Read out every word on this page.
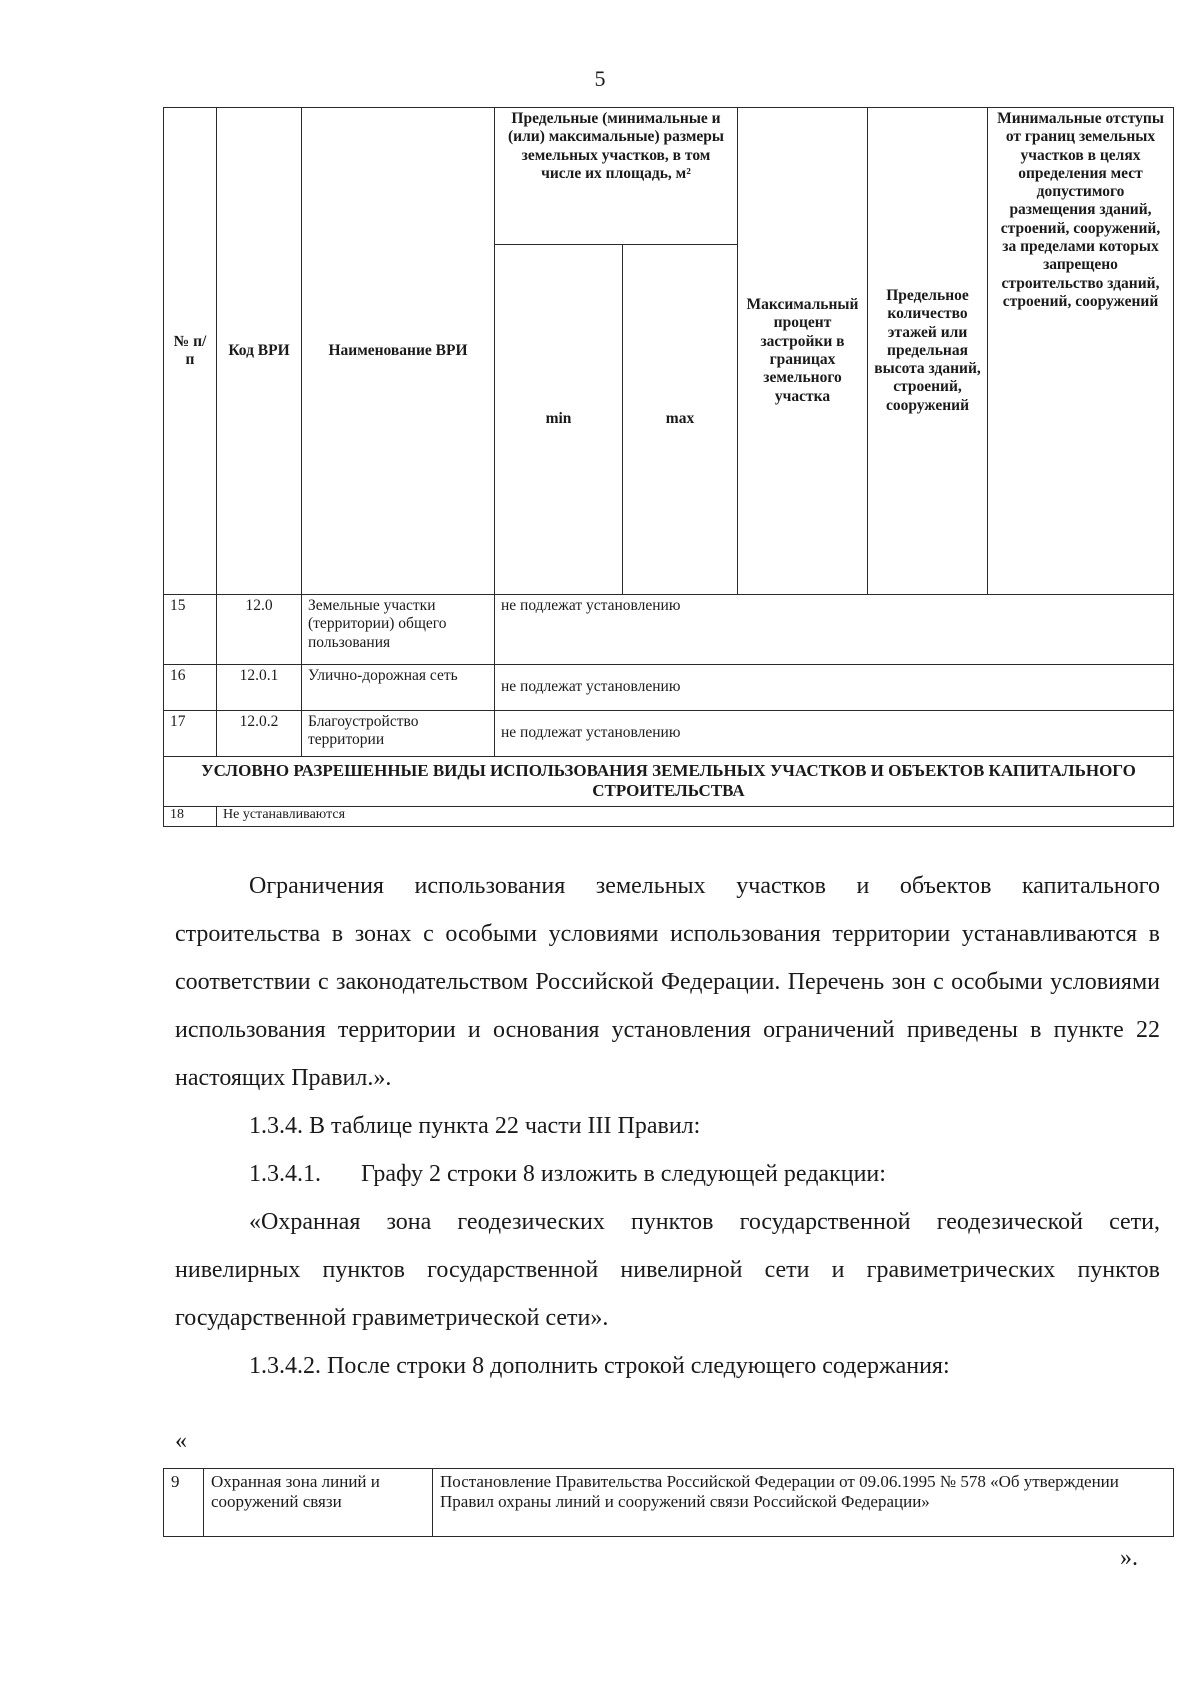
5
№ п/п	Код ВРИ	Наименование ВРИ	Предельные (минимальные и (или) максимальные) размеры земельных участков, в том числе их площадь, м²		Максимальный процент застройки в границах земельного участка	Предельное количество этажей или предельная высота зданий, строений, сооружений	Минимальные отступы от границ земельных участков в целях определения мест допустимого размещения зданий, строений, сооружений, за пределами которых запрещено строительство зданий, строений, сооружений
			min	max			
15	12.0	Земельные участки (территории) общего пользования	не подлежат установлению				
16	12.0.1	Улично-дорожная сеть	не подлежат установлению				
17	12.0.2	Благоустройство территории	не подлежат установлению				
УСЛОВНО РАЗРЕШЕННЫЕ ВИДЫ ИСПОЛЬЗОВАНИЯ ЗЕМЕЛЬНЫХ УЧАСТКОВ И ОБЪЕКТОВ КАПИТАЛЬНОГО СТРОИТЕЛЬСТВА							
18	Не устанавливаются						

Ограничения использования земельных участков и объектов капитального строительства в зонах с особыми условиями использования территории устанавливаются в соответствии с законодательством Российской Федерации. Перечень зон с особыми условиями использования территории и основания установления ограничений приведены в пункте 22 настоящих Правил.».

1.3.4. В таблице пункта 22 части III Правил:

1.3.4.1. Графу 2 строки 8 изложить в следующей редакции:

«Охранная зона геодезических пунктов государственной геодезической сети, нивелирных пунктов государственной нивелирной сети и гравиметрических пунктов государственной гравиметрической сети».

1.3.4.2. После строки 8 дополнить строкой следующего содержания:

«
9	Охранная зона линий и сооружений связи	Постановление Правительства Российской Федерации от 09.06.1995 № 578 «Об утверждении Правил охраны линий и сооружений связи Российской Федерации»
».
